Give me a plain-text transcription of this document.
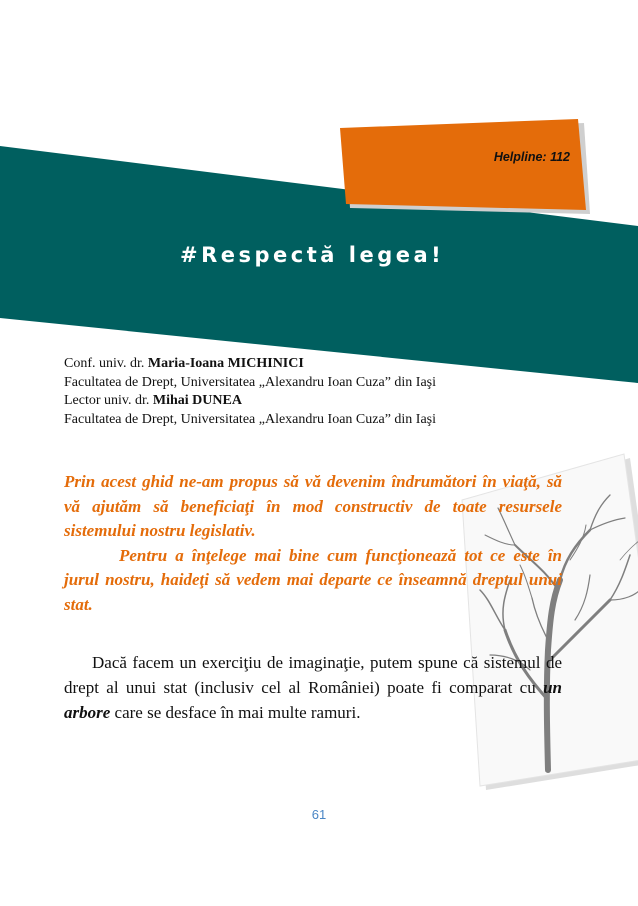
Helpline: 112
#Respectă legea!
Conf. univ. dr. Maria-Ioana MICHINICI
Facultatea de Drept, Universitatea „Alexandru Ioan Cuza” din Iaşi
Lector univ. dr. Mihai DUNEA
Facultatea de Drept, Universitatea „Alexandru Ioan Cuza” din Iaşi

Prin acest ghid ne-am propus să vă devenim îndrumători în viaţă, să vă ajutăm să beneficiaţi în mod constructiv de toate resursele sistemului nostru legislativ.

Pentru a înţelege mai bine cum funcţionează tot ce este în jurul nostru, haideţi să vedem mai departe ce înseamnă dreptul unui stat.

Dacă facem un exerciţiu de imaginaţie, putem spune că sistemul de drept al unui stat (inclusiv cel al României) poate fi comparat cu un arbore care se desface în mai multe ramuri.
61
